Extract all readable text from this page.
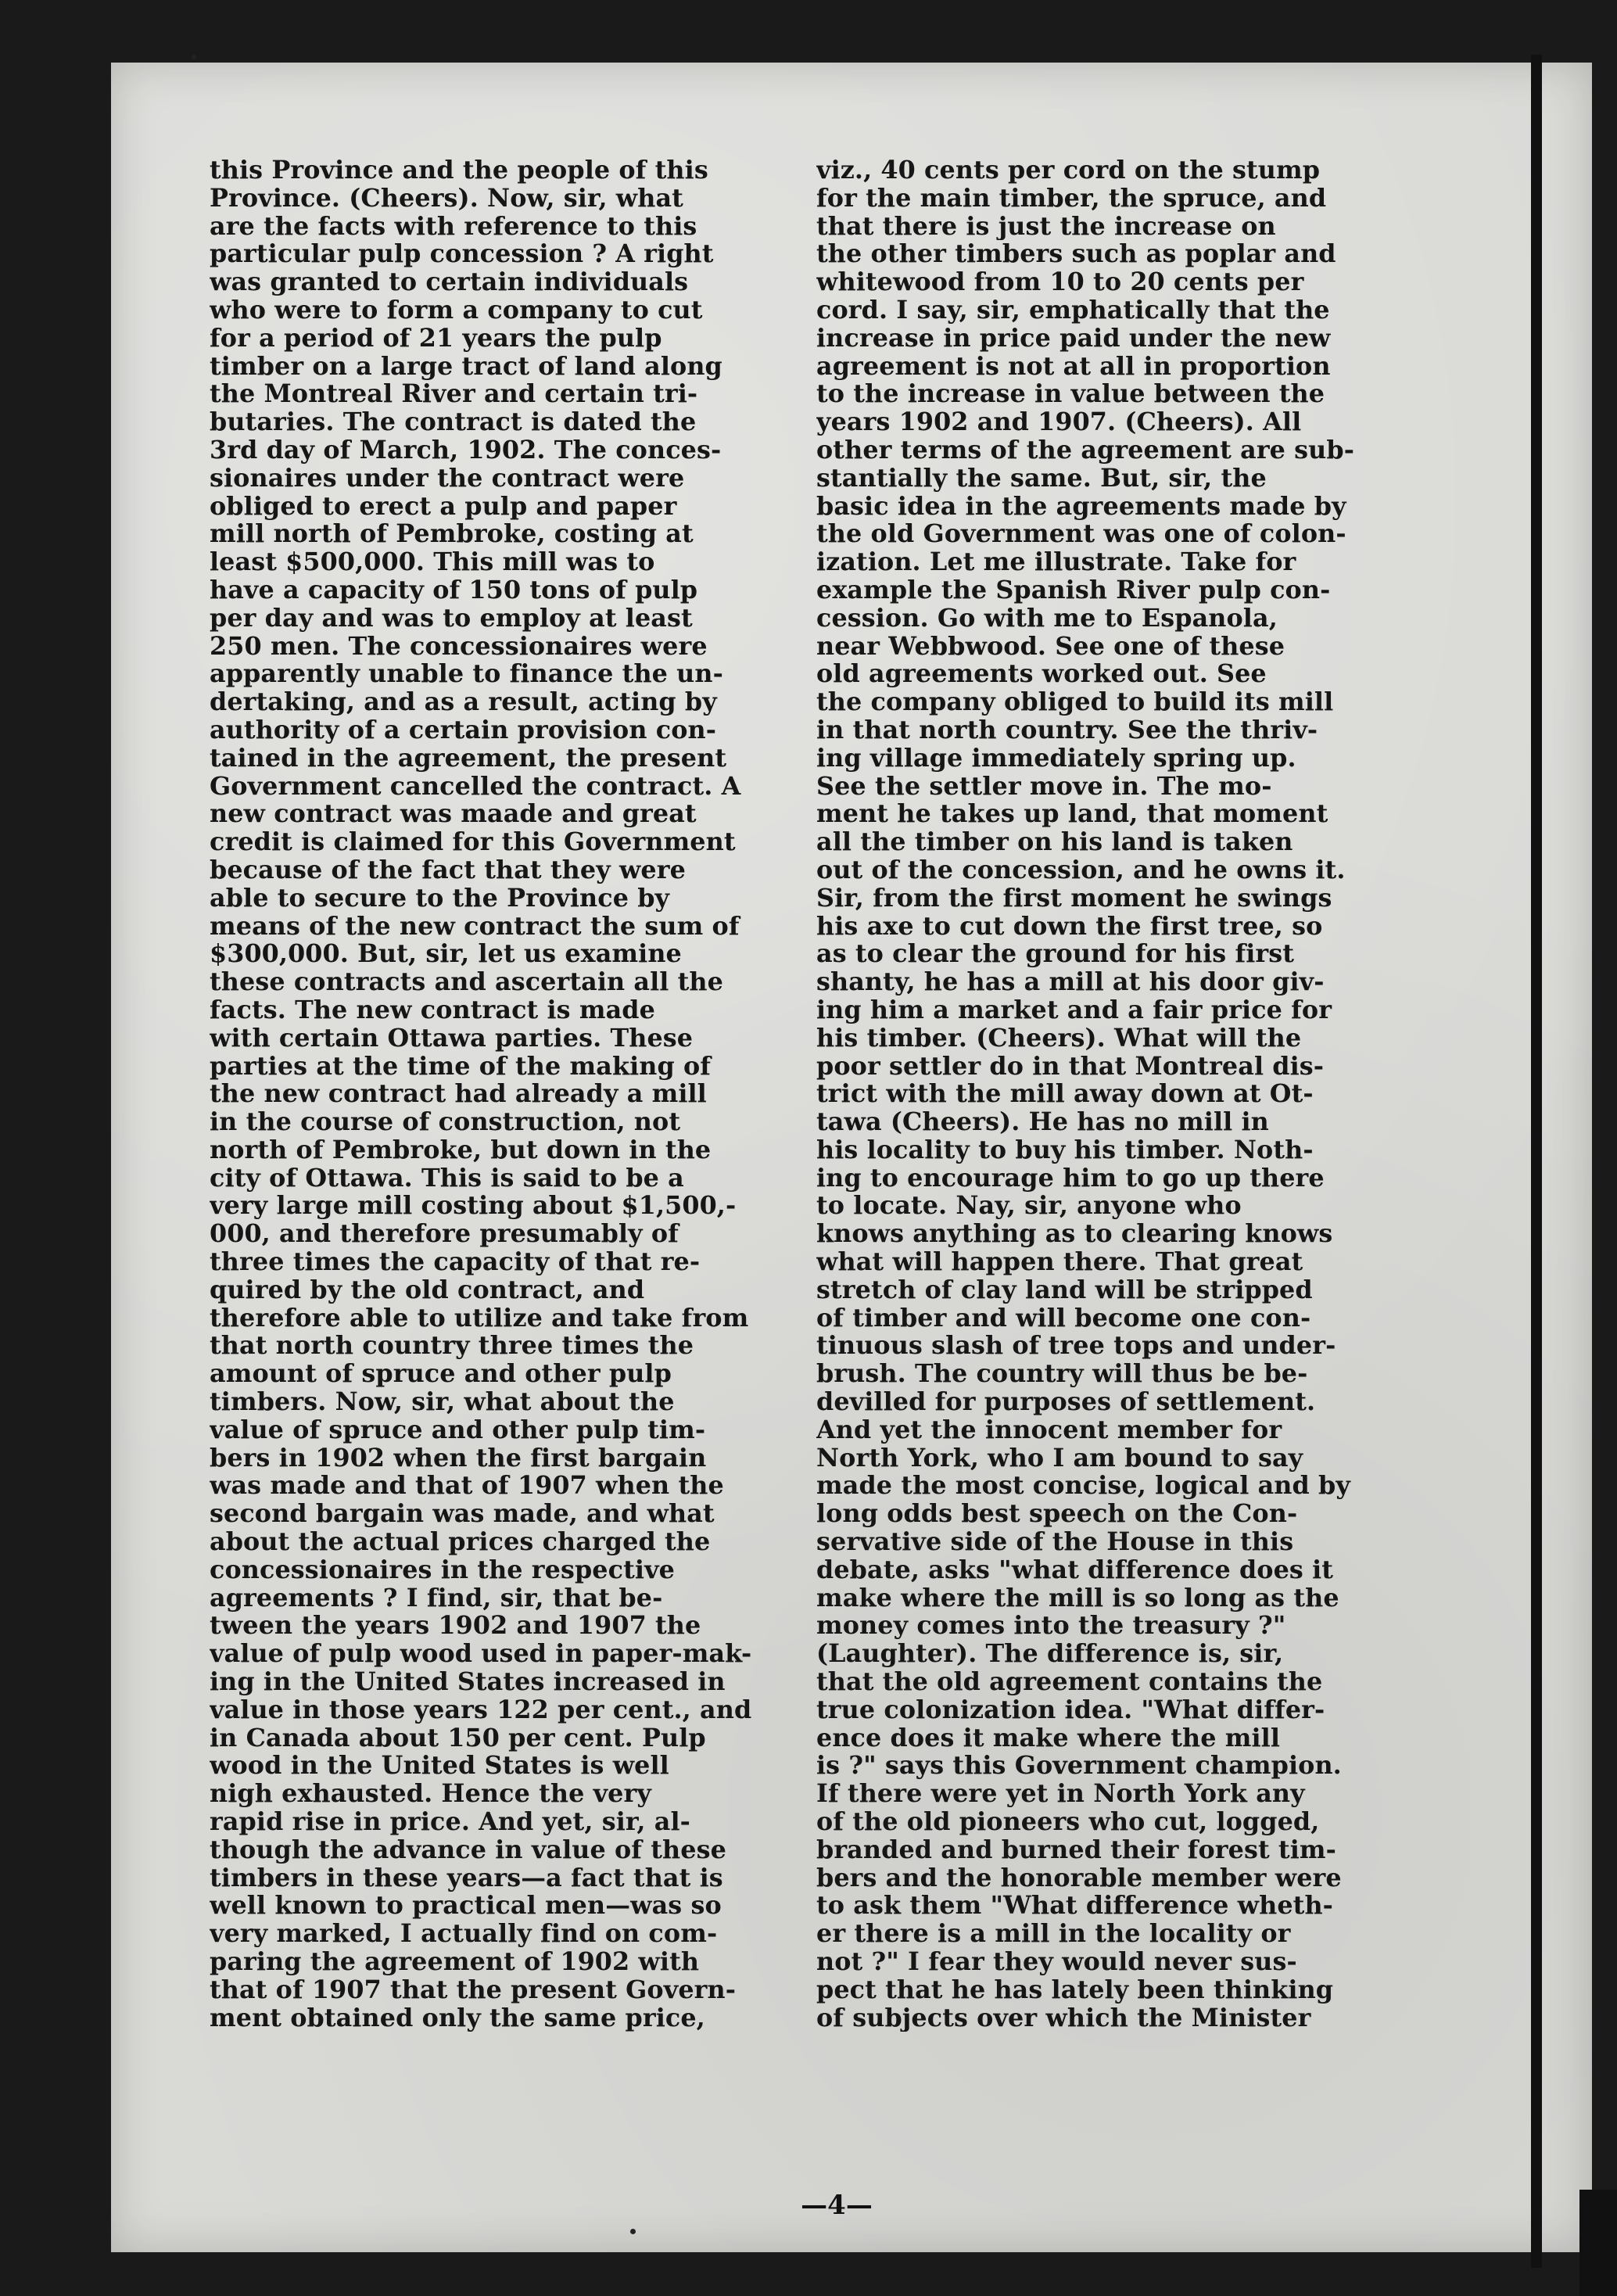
this Province and the people of this
Province. (Cheers). Now, sir, what
are the facts with reference to this
particular pulp concession ? A right
was granted to certain individuals
who were to form a company to cut
for a period of 21 years the pulp
timber on a large tract of land along
the Montreal River and certain tri-
butaries. The contract is dated the
3rd day of March, 1902. The conces-
sionaires under the contract were
obliged to erect a pulp and paper
mill north of Pembroke, costing at
least $500,000. This mill was to
have a capacity of 150 tons of pulp
per day and was to employ at least
250 men. The concessionaires were
apparently unable to finance the un-
dertaking, and as a result, acting by
authority of a certain provision con-
tained in the agreement, the present
Government cancelled the contract. A
new contract was maade and great
credit is claimed for this Government
because of the fact that they were
able to secure to the Province by
means of the new contract the sum of
$300,000. But, sir, let us examine
these contracts and ascertain all the
facts. The new contract is made
with certain Ottawa parties. These
parties at the time of the making of
the new contract had already a mill
in the course of construction, not
north of Pembroke, but down in the
city of Ottawa. This is said to be a
very large mill costing about $1,500,-
000, and therefore presumably of
three times the capacity of that re-
quired by the old contract, and
therefore able to utilize and take from
that north country three times the
amount of spruce and other pulp
timbers. Now, sir, what about the
value of spruce and other pulp tim-
bers in 1902 when the first bargain
was made and that of 1907 when the
second bargain was made, and what
about the actual prices charged the
concessionaires in the respective
agreements ? I find, sir, that be-
tween the years 1902 and 1907 the
value of pulp wood used in paper-mak-
ing in the United States increased in
value in those years 122 per cent., and
in Canada about 150 per cent. Pulp
wood in the United States is well
nigh exhausted. Hence the very
rapid rise in price. And yet, sir, al-
though the advance in value of these
timbers in these years—a fact that is
well known to practical men—was so
very marked, I actually find on com-
paring the agreement of 1902 with
that of 1907 that the present Govern-
ment obtained only the same price,
viz., 40 cents per cord on the stump
for the main timber, the spruce, and
that there is just the increase on
the other timbers such as poplar and
whitewood from 10 to 20 cents per
cord. I say, sir, emphatically that the
increase in price paid under the new
agreement is not at all in proportion
to the increase in value between the
years 1902 and 1907. (Cheers). All
other terms of the agreement are sub-
stantially the same. But, sir, the
basic idea in the agreements made by
the old Government was one of colon-
ization. Let me illustrate. Take for
example the Spanish River pulp con-
cession. Go with me to Espanola,
near Webbwood. See one of these
old agreements worked out. See
the company obliged to build its mill
in that north country. See the thriv-
ing village immediately spring up.
See the settler move in. The mo-
ment he takes up land, that moment
all the timber on his land is taken
out of the concession, and he owns it.
Sir, from the first moment he swings
his axe to cut down the first tree, so
as to clear the ground for his first
shanty, he has a mill at his door giv-
ing him a market and a fair price for
his timber. (Cheers). What will the
poor settler do in that Montreal dis-
trict with the mill away down at Ot-
tawa (Cheers). He has no mill in
his locality to buy his timber. Noth-
ing to encourage him to go up there
to locate. Nay, sir, anyone who
knows anything as to clearing knows
what will happen there. That great
stretch of clay land will be stripped
of timber and will become one con-
tinuous slash of tree tops and under-
brush. The country will thus be be-
devilled for purposes of settlement.
And yet the innocent member for
North York, who I am bound to say
made the most concise, logical and by
long odds best speech on the Con-
servative side of the House in this
debate, asks "what difference does it
make where the mill is so long as the
money comes into the treasury ?"
(Laughter). The difference is, sir,
that the old agreement contains the
true colonization idea. "What differ-
ence does it make where the mill
is ?" says this Government champion.
If there were yet in North York any
of the old pioneers who cut, logged,
branded and burned their forest tim-
bers and the honorable member were
to ask them "What difference wheth-
er there is a mill in the locality or
not ?" I fear they would never sus-
pect that he has lately been thinking
of subjects over which the Minister
—4—
